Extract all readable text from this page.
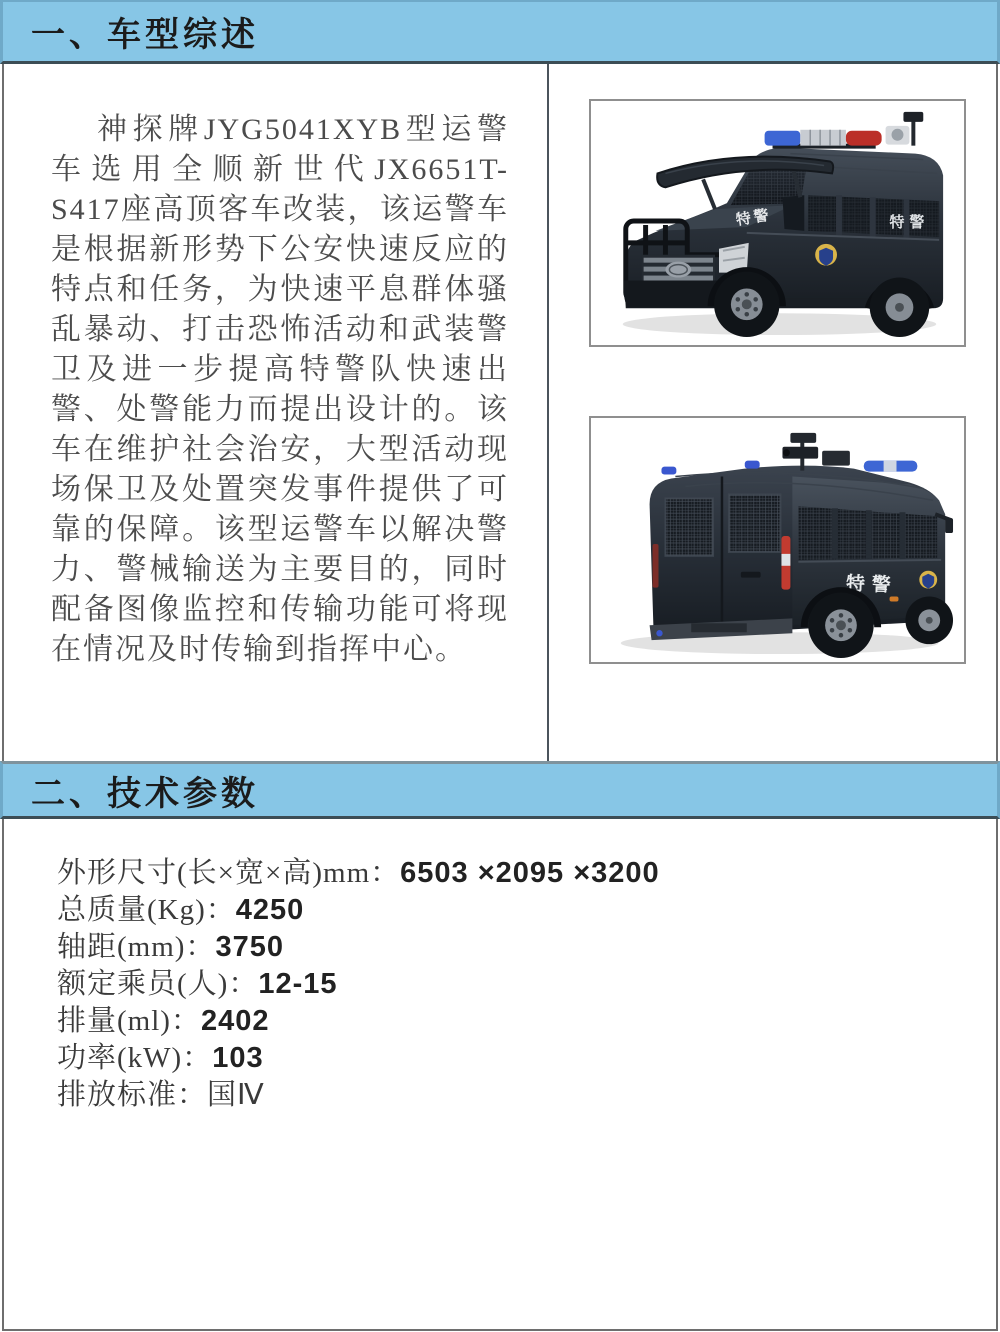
一、车型综述

神探牌JYG5041XYB型运警车选用全顺新世代JX6651T-S417座高顶客车改装，该运警车是根据新形势下公安快速反应的特点和任务，为快速平息群体骚乱暴动、打击恐怖活动和武装警卫及进一步提高特警队快速出警、处警能力而提出设计的。该车在维护社会治安，大型活动现场保卫及处置突发事件提供了可靠的保障。该型运警车以解决警力、警械输送为主要目的，同时配备图像监控和传输功能可将现在情况及时传输到指挥中心。

特警	特警
特警
二、技术参数
外形尺寸(长×宽×高)mm：6503 ×2095 ×3200
总质量(Kg)：4250
轴距(mm)：3750
额定乘员(人)：12-15
排量(ml)：2402
功率(kW)：103
排放标准：国Ⅳ
